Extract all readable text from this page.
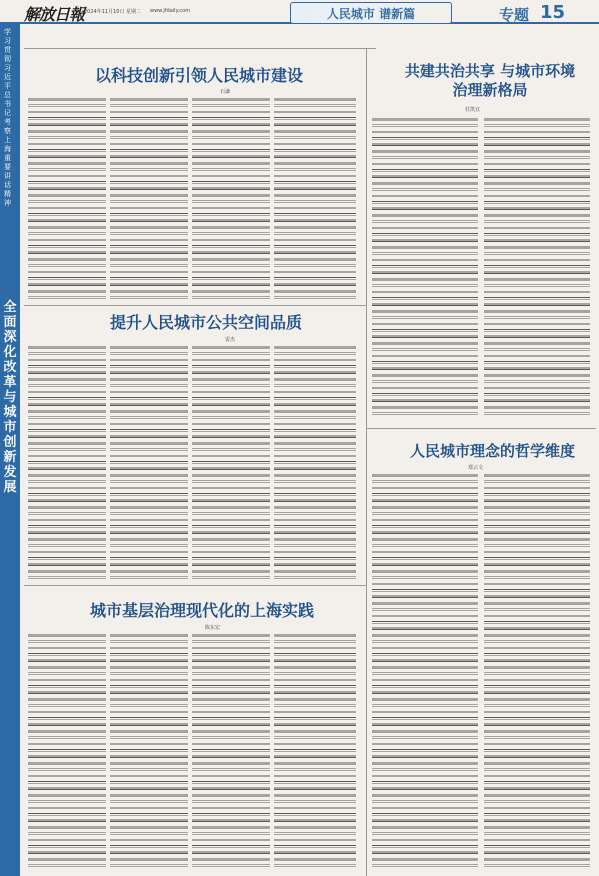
解放日報 2024年11月10日 星期二 www.jfdaily.com	人民城市 谱新篇	专题 15
学习贯彻习近平总书记考察上海重要讲话精神
全面深化改革与城市创新发展
以科技创新引领人民城市建设
石谦
共建共治共享 与城市环境治理新格局
杜凯宜
提升人民城市公共空间品质
雷杰
人民城市理念的哲学维度
郑云文
城市基层治理现代化的上海实践
陈东宏
